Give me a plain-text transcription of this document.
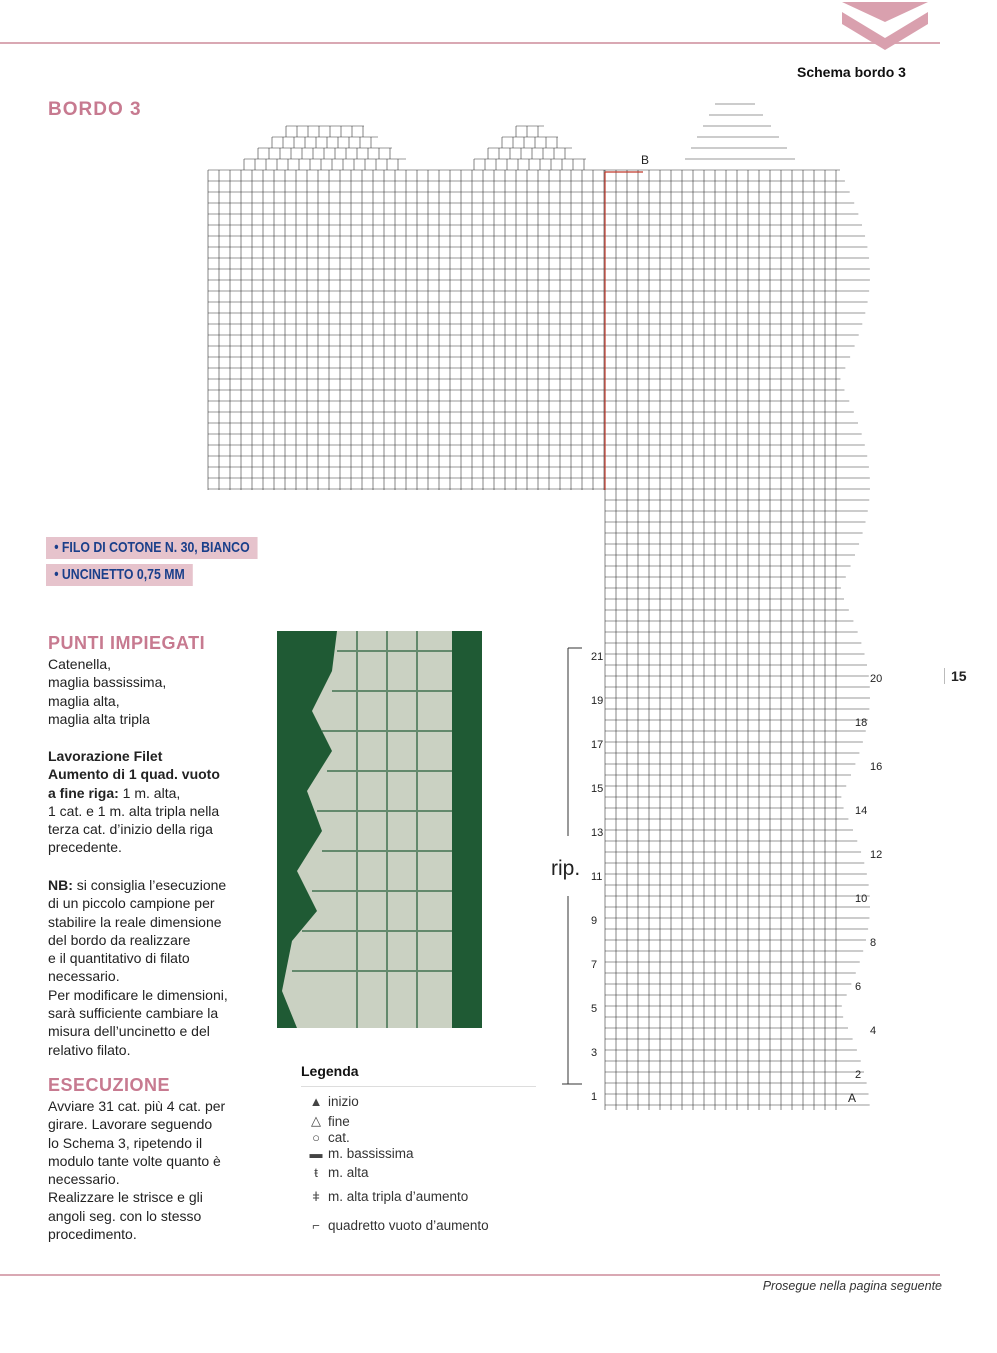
Schema bordo 3
BORDO 3
B
A
1
3
5
7
9
11
13
15
17
19
21
2
4
6
8
10
12
14
16
18
20
rip.
• FILO DI COTONE N. 30, BIANCO
• UNCINETTO 0,75 MM
PUNTI IMPIEGATI

Catenella,

maglia bassissima,

maglia alta,

maglia alta tripla

Lavorazione Filet

Aumento di 1 quad. vuoto

a fine riga: 1 m. alta,

1 cat. e 1 m. alta tripla nella

terza cat. d’inizio della riga

precedente.

NB: si consiglia l’esecuzione

di un piccolo campione per

stabilire la reale dimensione

del bordo da realizzare

e il quantitativo di filato

necessario.

Per modificare le dimensioni,

sarà sufficiente cambiare la

misura dell’uncinetto e del

relativo filato.

ESECUZIONE

Avviare 31 cat. più 4 cat. per

girare. Lavorare seguendo

lo Schema 3, ripetendo il

modulo tante volte quanto è

necessario.

Realizzare le strisce e gli

angoli seg. con lo stesso

procedimento.

Legenda
▲ inizio
△ fine
○ cat.
▬ m. bassissima
ŧ m. alta
ǂ m. alta tripla d’aumento
⌐ quadretto vuoto d’aumento
15
Prosegue nella pagina seguente
